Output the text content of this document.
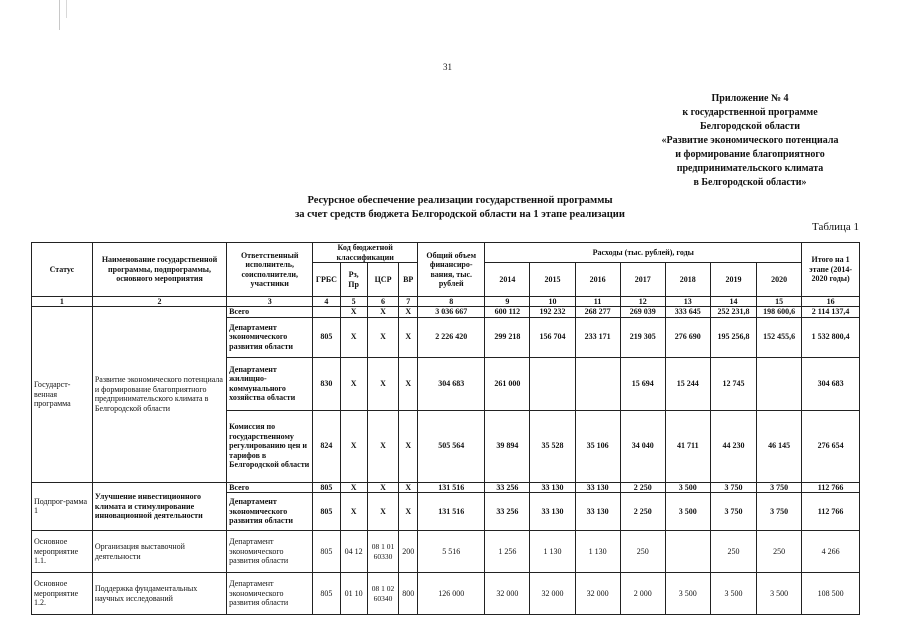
31
Приложение № 4
к государственной программе
Белгородской области
«Развитие экономического потенциала
и формирование благоприятного
предпринимательского климата
в Белгородской области»
Ресурсное обеспечение реализации государственной программы
за счет средств бюджета Белгородской области на 1 этапе реализации
Таблица 1
Статус	Наименование государственной программы, подпрограммы, основного мероприятия	Ответственный исполнитель, соисполнители, участники	Код бюджетной классификации				Общий объем финансиро-вания, тыс. рублей	Расходы (тыс. рублей), годы							Итого на 1 этапе (2014-2020 годы)
			ГРБС	Рз, Пр	ЦСР	ВР		2014	2015	2016	2017	2018	2019	2020	
1	2	3	4	5	6	7	8	9	10	11	12	13	14	15	16
Государст-венная программа	Развитие экономического потенциала и формирование благоприятного предпринимательского климата в Белгородской области	Всего		Х	Х	Х	3 036 667	600 112	192 232	268 277	269 039	333 645	252 231,8	198 600,6	2 114 137,4
		Департамент экономического развития области	805	Х	Х	Х	2 226 420	299 218	156 704	233 171	219 305	276 690	195 256,8	152 455,6	1 532 800,4
		Департамент жилищно-коммунального хозяйства области	830	Х	Х	Х	304 683	261 000			15 694	15 244	12 745		304 683
		Комиссия по государственному регулированию цен и тарифов в Белгородской области	824	Х	Х	Х	505 564	39 894	35 528	35 106	34 040	41 711	44 230	46 145	276 654
Подпрог-рамма 1	Улучшение инвестиционного климата и стимулирование инновационной деятельности	Всего	805	Х	Х	Х	131 516	33 256	33 130	33 130	2 250	3 500	3 750	3 750	112 766
		Департамент экономического развития области	805	Х	Х	Х	131 516	33 256	33 130	33 130	2 250	3 500	3 750	3 750	112 766
Основное мероприятие 1.1.	Организация выставочной деятельности	Департамент экономического развития области	805	04 12	08 1 01 60330	200	5 516	1 256	1 130	1 130	250		250	250	4 266
Основное мероприятие 1.2.	Поддержка фундаментальных научных исследований	Департамент экономического развития области	805	01 10	08 1 02 60340	800	126 000	32 000	32 000	32 000	2 000	3 500	3 500	3 500	108 500
